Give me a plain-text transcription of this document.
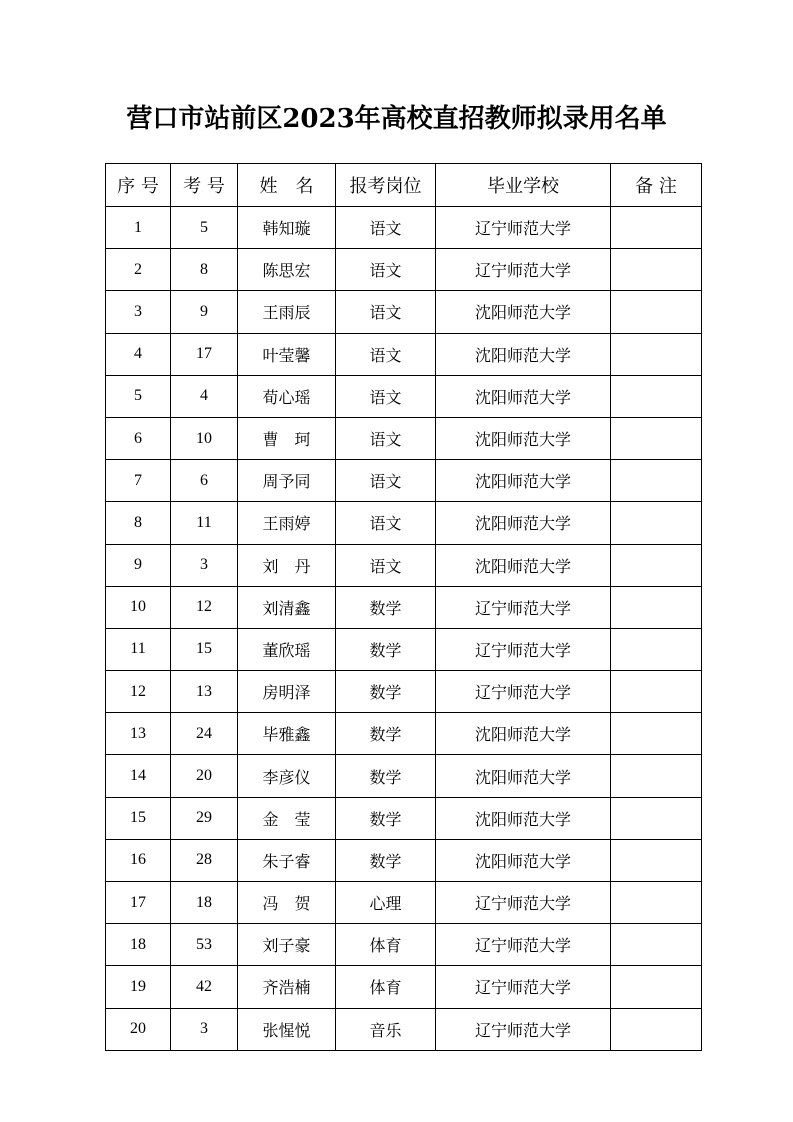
营口市站前区2023年高校直招教师拟录用名单
序 号	考 号	姓　名	报考岗位	毕业学校	备 注
1	5	韩知璇	语文	辽宁师范大学	
2	8	陈思宏	语文	辽宁师范大学	
3	9	王雨辰	语文	沈阳师范大学	
4	17	叶莹馨	语文	沈阳师范大学	
5	4	荀心瑶	语文	沈阳师范大学	
6	10	曹　珂	语文	沈阳师范大学	
7	6	周予同	语文	沈阳师范大学	
8	11	王雨婷	语文	沈阳师范大学	
9	3	刘　丹	语文	沈阳师范大学	
10	12	刘清鑫	数学	辽宁师范大学	
11	15	董欣瑶	数学	辽宁师范大学	
12	13	房明泽	数学	辽宁师范大学	
13	24	毕雅鑫	数学	沈阳师范大学	
14	20	李彦仪	数学	沈阳师范大学	
15	29	金　莹	数学	沈阳师范大学	
16	28	朱子睿	数学	沈阳师范大学	
17	18	冯　贺	心理	辽宁师范大学	
18	53	刘子豪	体育	辽宁师范大学	
19	42	齐浩楠	体育	辽宁师范大学	
20	3	张惺悦	音乐	辽宁师范大学	
